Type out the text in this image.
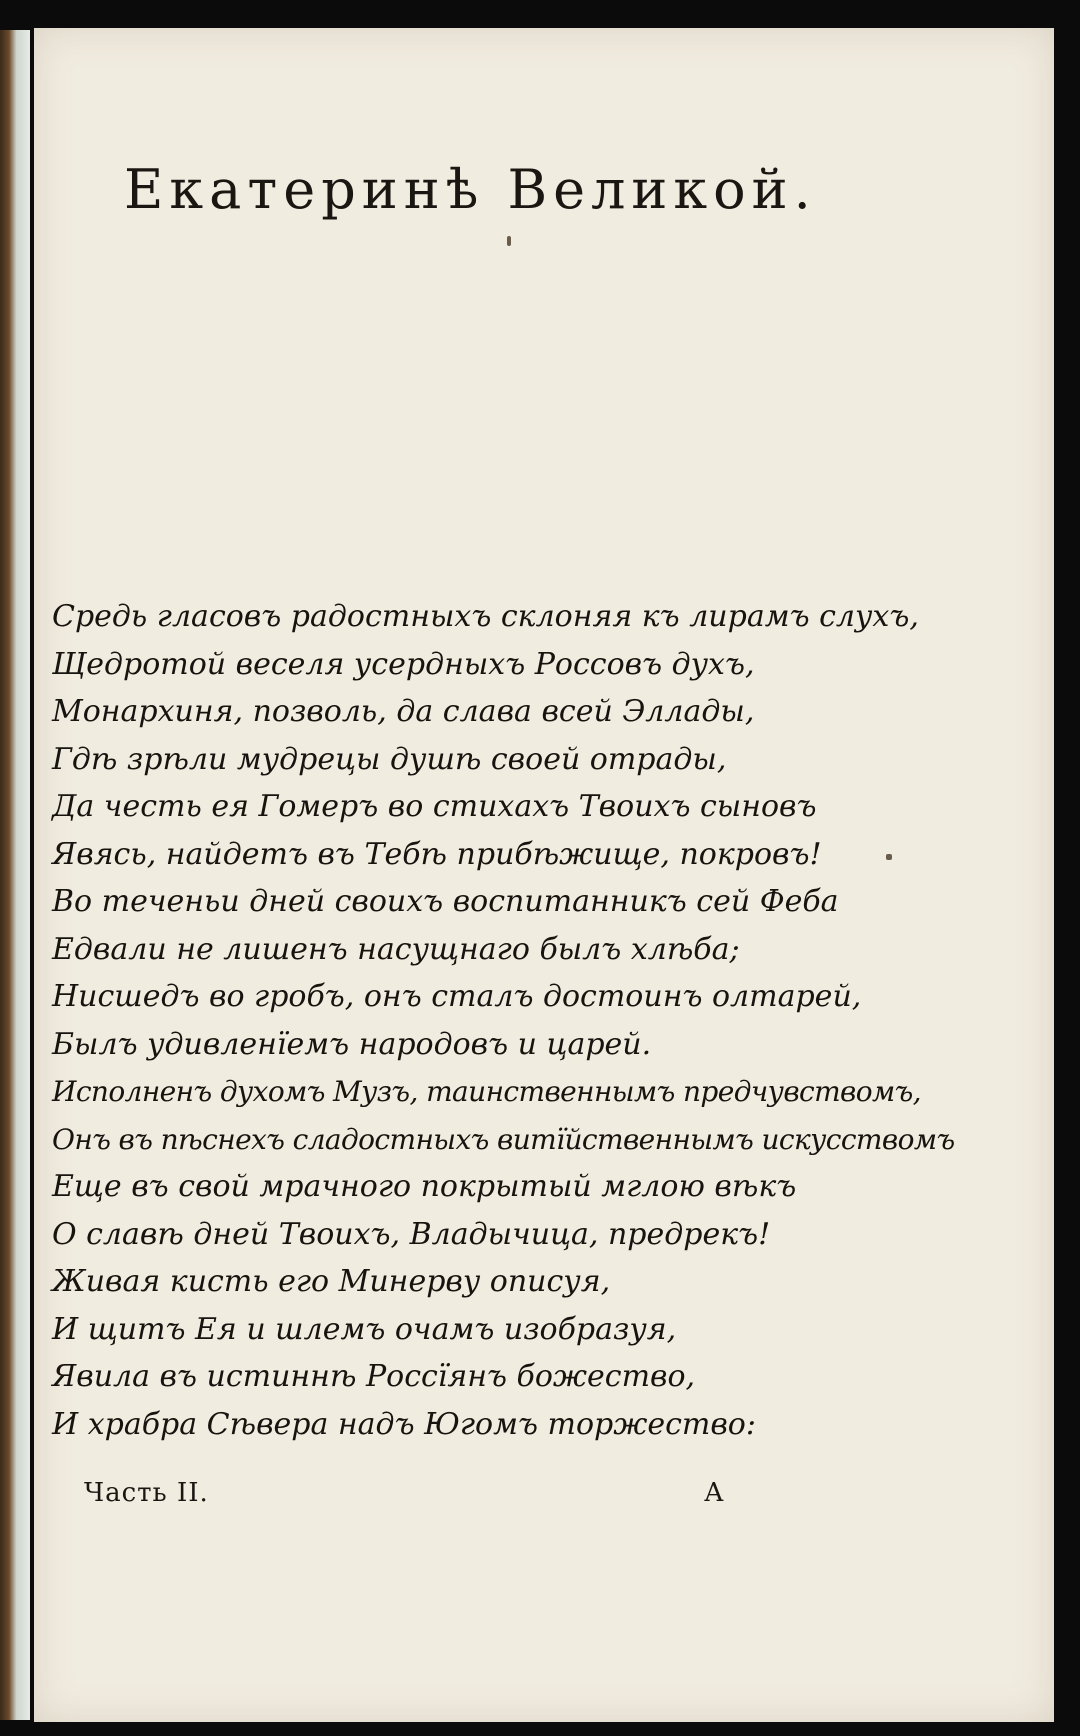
Екатеринѣ Великой.
Средь гласовъ радостныхъ склоняя къ лирамъ слухъ,
Щедротой веселя усердныхъ Россовъ духъ,
Монархиня, позволь, да слава всей Эллады,
Гдѣ зрѣли мудрецы душѣ своей отрады,
Да честь ея Гомеръ во стихахъ Твоихъ сыновъ
Явясь, найдетъ въ Тебѣ прибѣжище, покровъ!
Во теченьи дней своихъ воспитанникъ сей Феба
Едвали не лишенъ насущнаго былъ хлѣба;
Нисшедъ во гробъ, онъ сталъ достоинъ олтарей,
Былъ удивленїемъ народовъ и царей.
Исполненъ духомъ Музъ, таинственнымъ предчувствомъ,
Онъ въ пѣснехъ сладостныхъ витїйственнымъ искусствомъ
Еще въ свой мрачного покрытый мглою вѣкъ
О славѣ дней Твоихъ, Владычица, предрекъ!
Живая кисть его Минерву описуя,
И щитъ Ея и шлемъ очамъ изобразуя,
Явила въ истиннѣ Россїянъ божество,
И храбра Сѣвера надъ Югомъ торжество:
Часть II.	А
